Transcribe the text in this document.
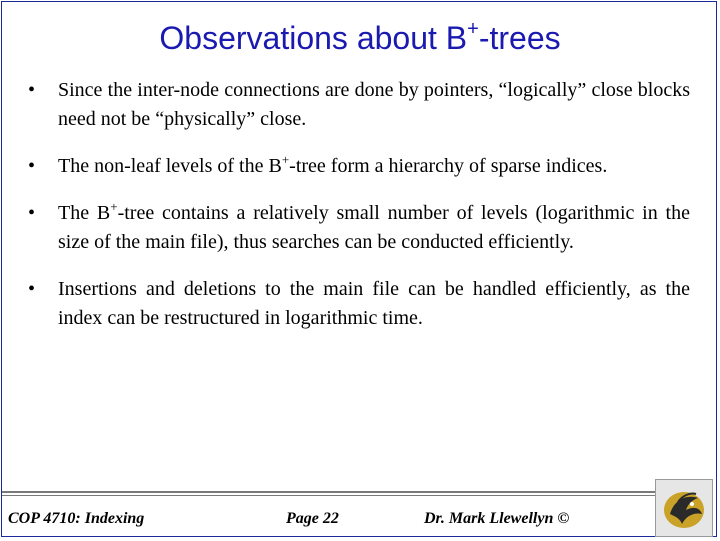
Observations about B+-trees
• Since the inter-node connections are done by pointers, “logically” close blocks need not be “physically” close.
• The non-leaf levels of the B+-tree form a hierarchy of sparse indices.
• The B+-tree contains a relatively small number of levels (logarithmic in the size of the main file), thus searches can be conducted efficiently.
• Insertions and deletions to the main file can be handled efficiently, as the index can be restructured in logarithmic time.
COP 4710: Indexing	Page 22	Dr. Mark Llewellyn ©
